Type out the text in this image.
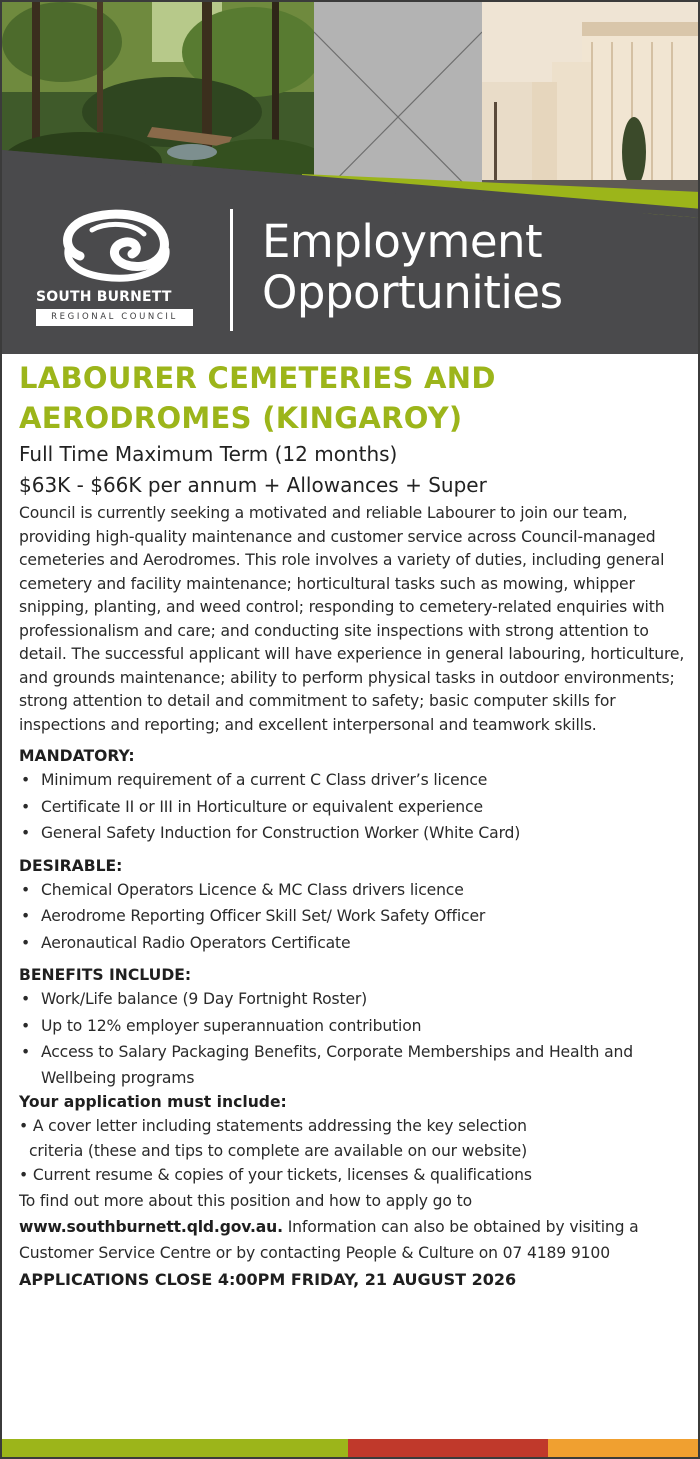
SOUTH BURNETT
REGIONAL COUNCIL
Employment
Opportunities
LABOURER CEMETERIES AND
AERODROMES (KINGAROY)
Full Time Maximum Term (12 months)
$63K - $66K per annum + Allowances + Super

Council is currently seeking a motivated and reliable Labourer to join our team, providing high-quality maintenance and customer service across Council-managed cemeteries and Aerodromes. This role involves a variety of duties, including general cemetery and facility maintenance; horticultural tasks such as mowing, whipper snipping, planting, and weed control; responding to cemetery-related enquiries with professionalism and care; and conducting site inspections with strong attention to detail. The successful applicant will have experience in general labouring, horticulture, and grounds maintenance; ability to perform physical tasks in outdoor environments; strong attention to detail and commitment to safety; basic computer skills for inspections and reporting; and excellent interpersonal and teamwork skills.

MANDATORY:
• Minimum requirement of a current C Class driver’s licence
• Certificate II or III in Horticulture or equivalent experience
• General Safety Induction for Construction Worker (White Card)
DESIRABLE:
• Chemical Operators Licence & MC Class drivers licence
• Aerodrome Reporting Officer Skill Set/ Work Safety Officer
• Aeronautical Radio Operators Certificate
BENEFITS INCLUDE:
• Work/Life balance (9 Day Fortnight Roster)
• Up to 12% employer superannuation contribution
• Access to Salary Packaging Benefits, Corporate Memberships and Health and Wellbeing programs
Your application must include:
• A cover letter including statements addressing the key selection
criteria (these and tips to complete are available on our website)
• Current resume & copies of your tickets, licenses & qualifications

To find out more about this position and how to apply go to
www.southburnett.qld.gov.au. Information can also be obtained by visiting a Customer Service Centre or by contacting People & Culture on 07 4189 9100

APPLICATIONS CLOSE 4:00PM FRIDAY, 21 AUGUST 2026
